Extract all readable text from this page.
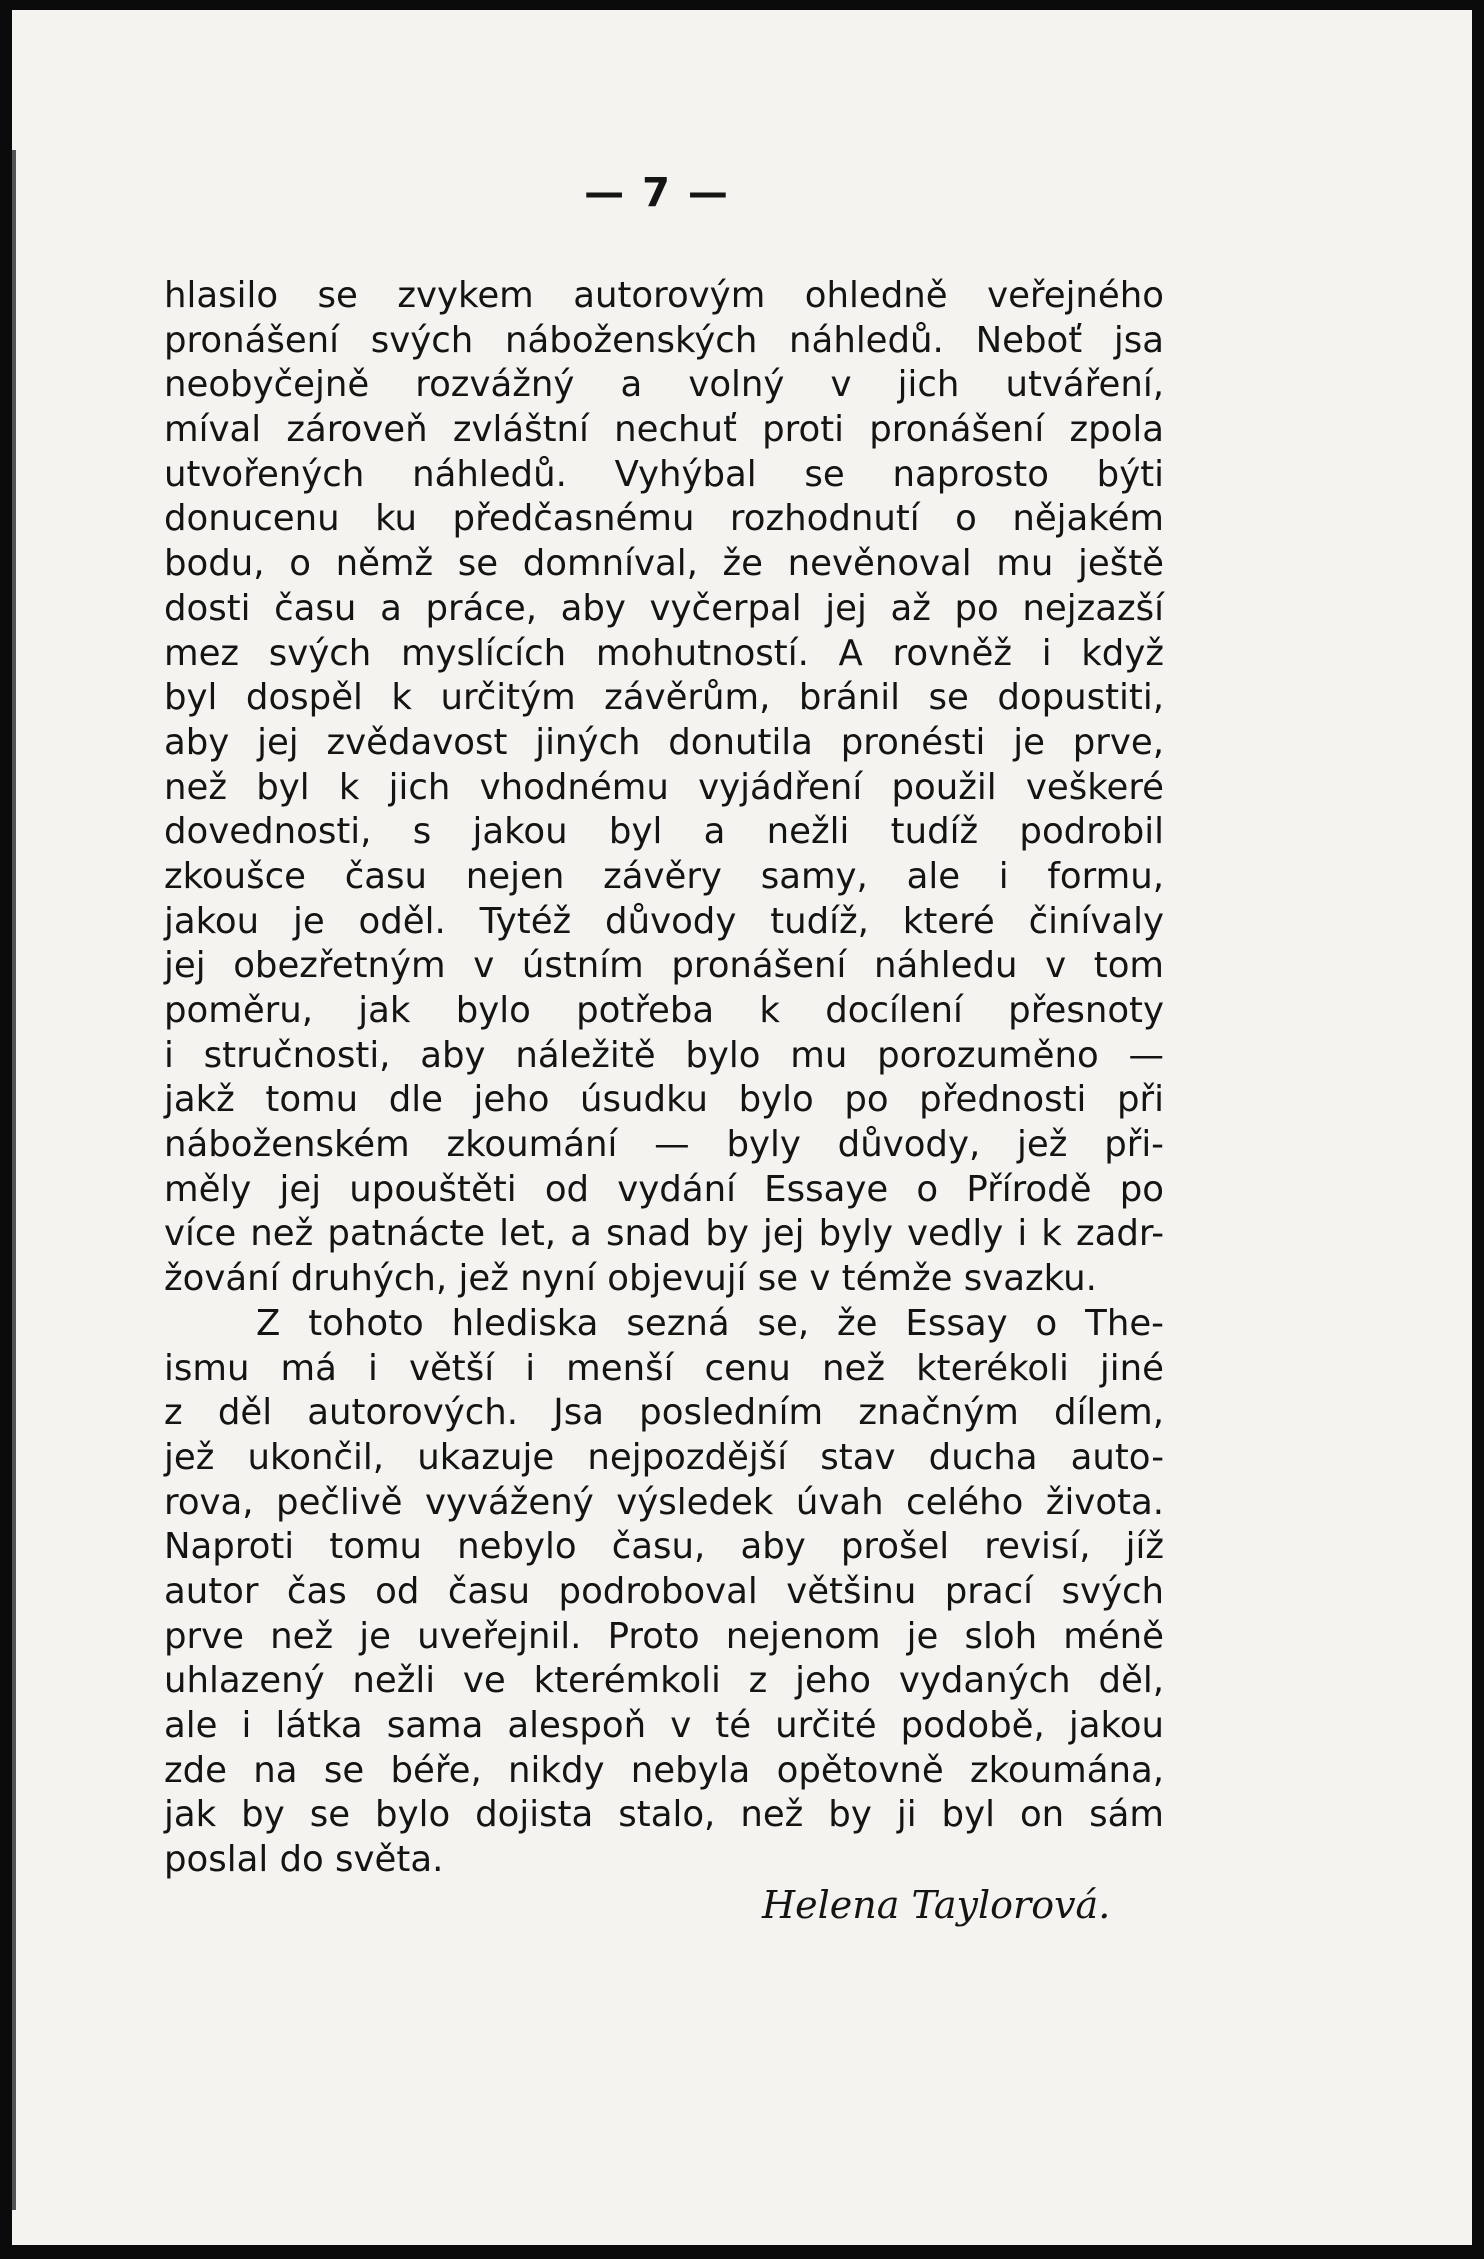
— 7 —
hlasilo se zvykem autorovým ohledně veřejného
pronášení svých náboženských náhledů. Neboť jsa
neobyčejně rozvážný a volný v jich utváření,
míval zároveň zvláštní nechuť proti pronášení zpola
utvořených náhledů. Vyhýbal se naprosto býti
donucenu ku předčasnému rozhodnutí o nějakém
bodu, o němž se domníval, že nevěnoval mu ještě
dosti času a práce, aby vyčerpal jej až po nejzazší
mez svých myslících mohutností. A rovněž i když
byl dospěl k určitým závěrům, bránil se dopustiti,
aby jej zvědavost jiných donutila pronésti je prve,
než byl k jich vhodnému vyjádření použil veškeré
dovednosti, s jakou byl a nežli tudíž podrobil
zkoušce času nejen závěry samy, ale i formu,
jakou je oděl. Tytéž důvody tudíž, které činívaly
jej obezřetným v ústním pronášení náhledu v tom
poměru, jak bylo potřeba k docílení přesnoty
i stručnosti, aby náležitě bylo mu porozuměno —
jakž tomu dle jeho úsudku bylo po přednosti při
náboženském zkoumání — byly důvody, jež při-
měly jej upouštěti od vydání Essaye o Přírodě po
více než patnácte let, a snad by jej byly vedly i k zadr-
žování druhých, jež nyní objevují se v témže svazku.
Z tohoto hlediska sezná se, že Essay o The-
ismu má i větší i menší cenu než kterékoli jiné
z děl autorových. Jsa posledním značným dílem,
jež ukončil, ukazuje nejpozdější stav ducha auto-
rova, pečlivě vyvážený výsledek úvah celého života.
Naproti tomu nebylo času, aby prošel revisí, jíž
autor čas od času podroboval většinu prací svých
prve než je uveřejnil. Proto nejenom je sloh méně
uhlazený nežli ve kterémkoli z jeho vydaných děl,
ale i látka sama alespoň v té určité podobě, jakou
zde na se béře, nikdy nebyla opětovně zkoumána,
jak by se bylo dojista stalo, než by ji byl on sám
poslal do světa.
Helena Taylorová.
